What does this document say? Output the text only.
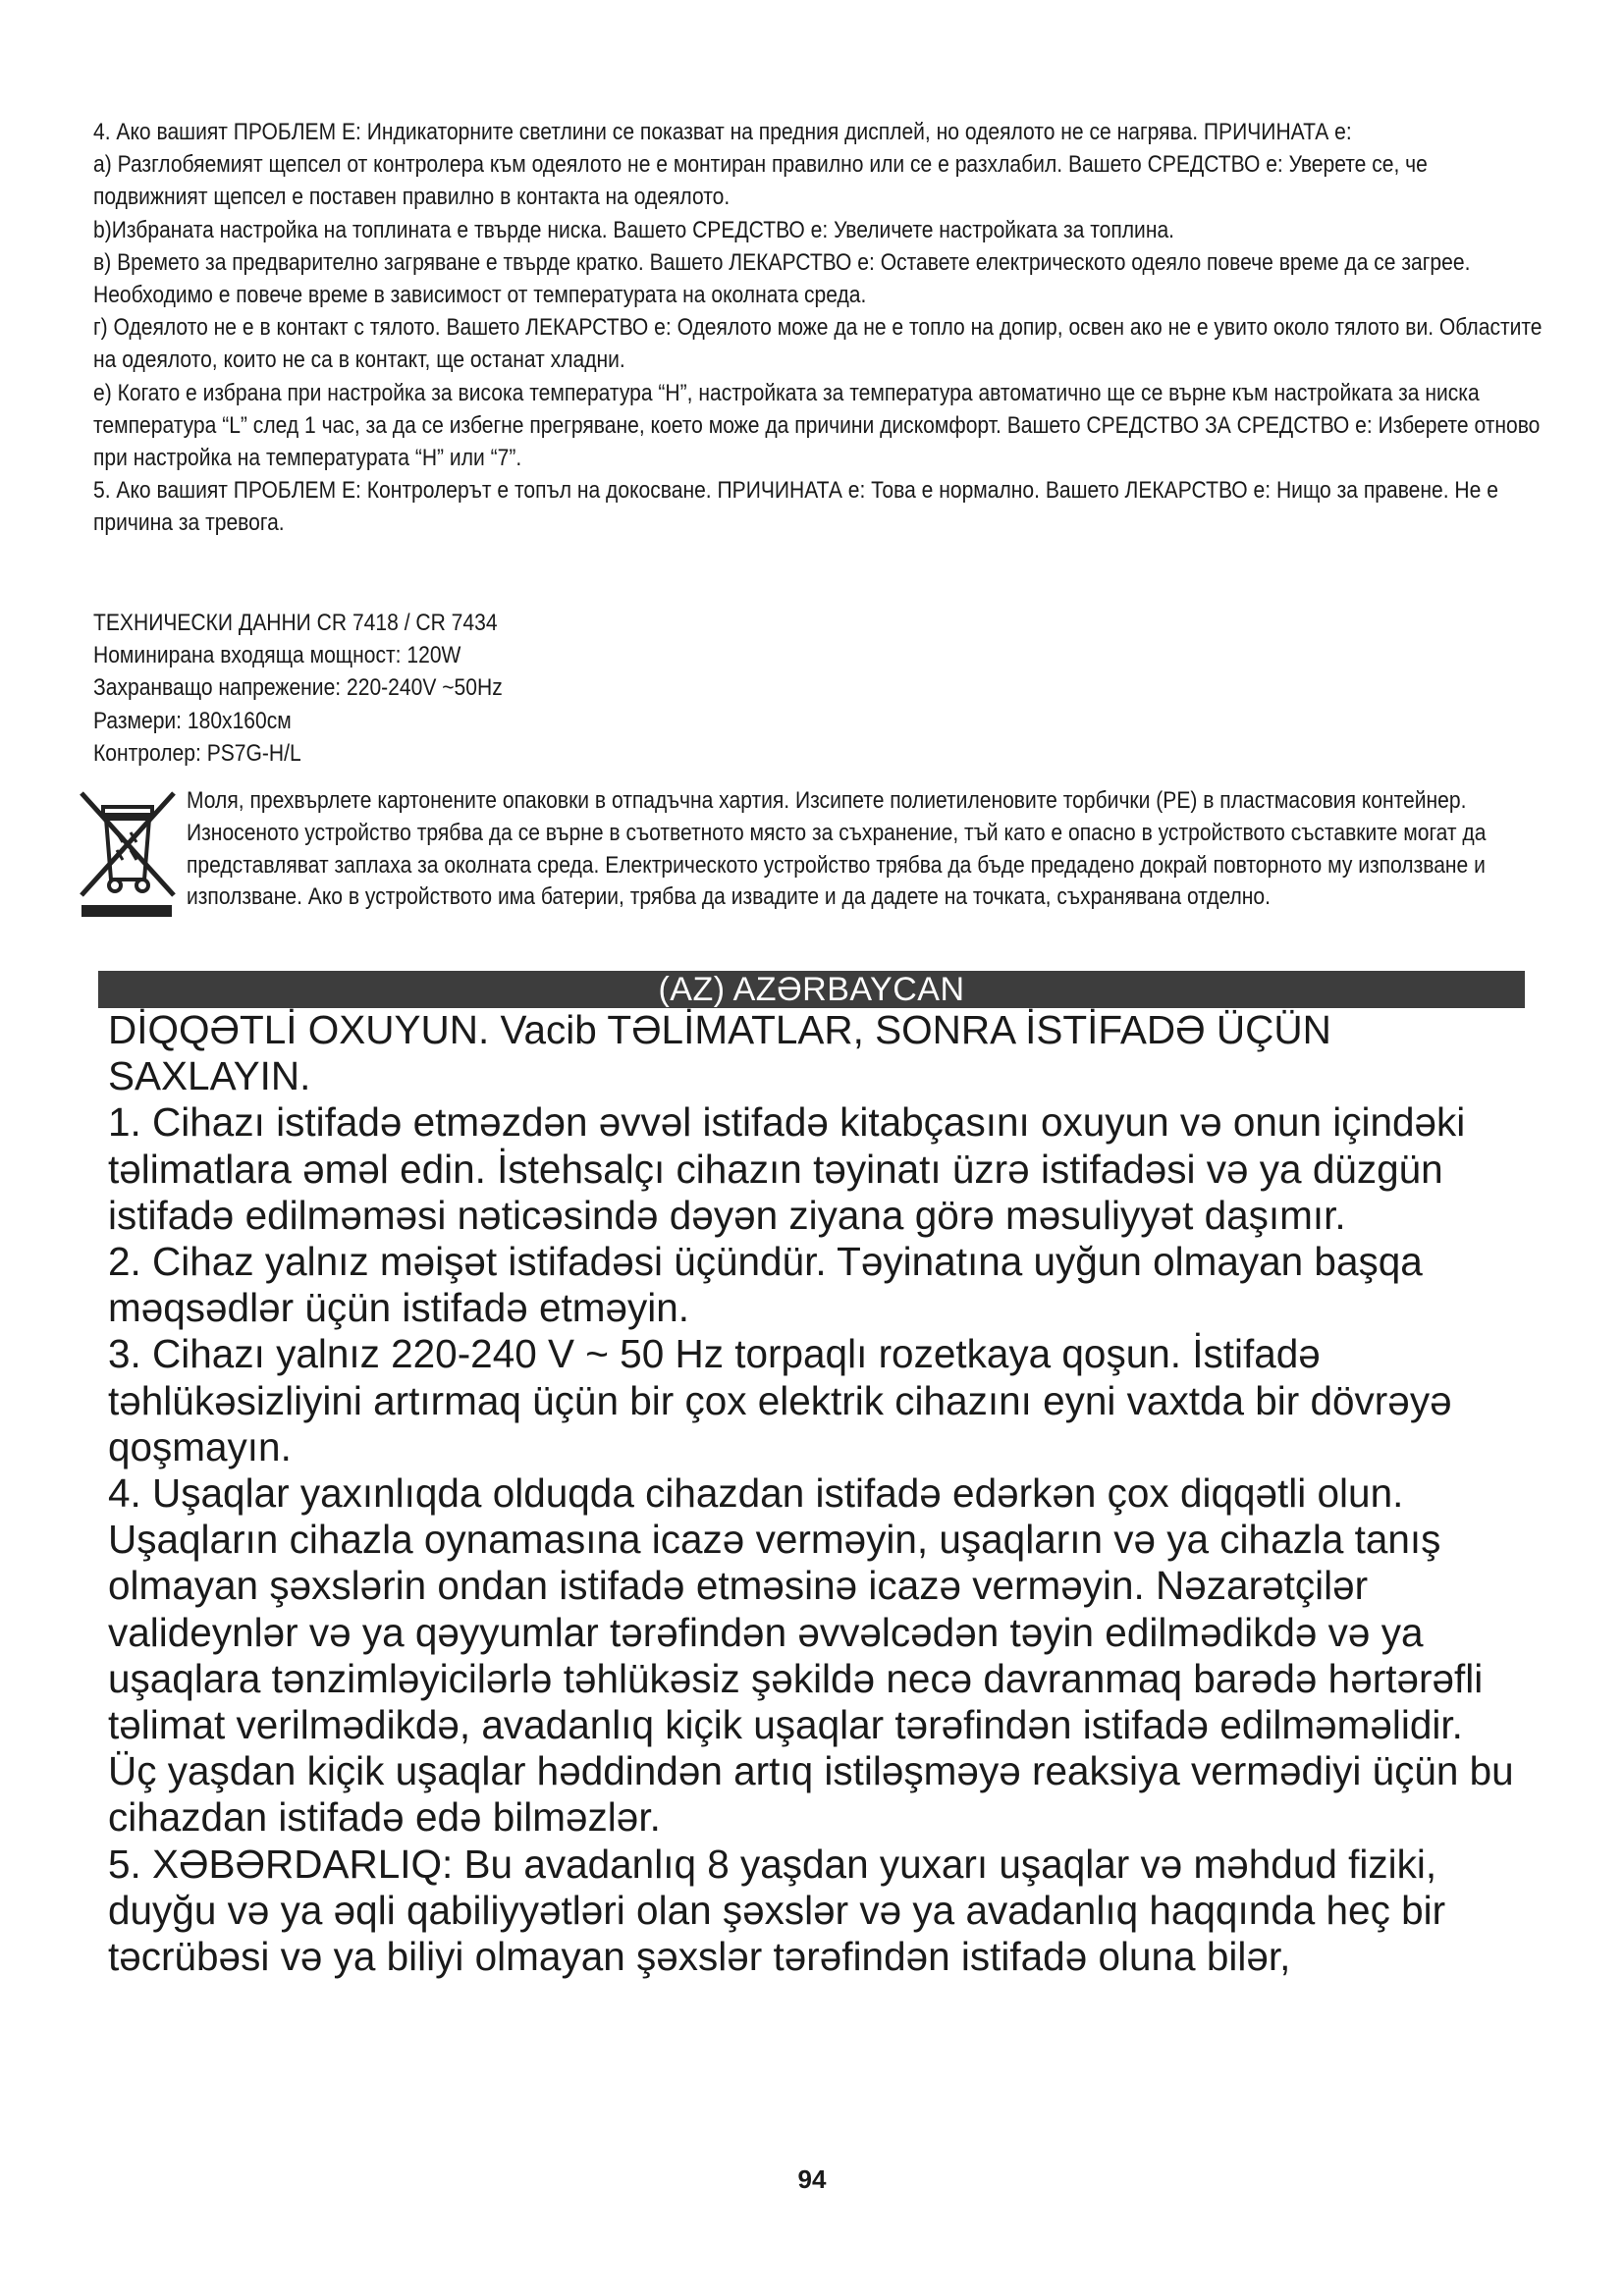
4. Ако вашият ПРОБЛЕМ Е: Индикаторните светлини се показват на предния дисплей, но одеялото не се нагрява. ПРИЧИНАТА е:

а) Разглобяемият щепсел от контролера към одеялото не е монтиран правилно или се е разхлабил. Вашето СРЕДСТВО е: Уверете се, че подвижният щепсел е поставен правилно в контакта на одеялото.

b)Избраната настройка на топлината е твърде ниска. Вашето СРЕДСТВО е: Увеличете настройката за топлина.

в) Времето за предварително загряване е твърде кратко. Вашето ЛЕКАРСТВО е: Оставете електрическото одеяло повече време да се загрее. Необходимо е повече време в зависимост от температурата на околната среда.

г) Одеялото не е в контакт с тялото. Вашето ЛЕКАРСТВО е: Одеялото може да не е топло на допир, освен ако не е увито около тялото ви. Областите на одеялото, които не са в контакт, ще останат хладни.

е) Когато е избрана при настройка за висока температура “H”, настройката за температура автоматично ще се върне към настройката за ниска температура “L” след 1 час, за да се избегне прегряване, което може да причини дискомфорт. Вашето СРЕДСТВО ЗА СРЕДСТВО е: Изберете отново при настройка на температурата “H” или “7”.

5. Ако вашият ПРОБЛЕМ Е: Контролерът е топъл на докосване. ПРИЧИНАТА е: Това е нормално. Вашето ЛЕКАРСТВО е: Нищо за правене. Не е причина за тревога.

ТЕХНИЧЕСКИ ДАННИ CR 7418 / CR 7434

Номинирана входяща мощност: 120W

Захранващо напрежение: 220-240V ~50Hz

Размери: 180x160см

Контролер: PS7G-H/L

Моля, прехвърлете картонените опаковки в отпадъчна хартия. Изсипете полиетиленовите торбички (PE) в пластмасовия контейнер. Износеното устройство трябва да се върне в съответното място за съхранение, тъй като е опасно в устройството съставките могат да представляват заплаха за околната среда. Електрическото устройство трябва да бъде предадено докрай повторното му използване и използване. Ако в устройството има батерии, трябва да извадите и да дадете на точката, съхранявана отделно.

(AZ) AZƏRBAYCAN

DİQQƏTLİ OXUYUN. Vacib TƏLİMATLAR, SONRA İSTİFADƏ ÜÇÜN SAXLAYIN.

1. Cihazı istifadə etməzdən əvvəl istifadə kitabçasını oxuyun və onun içindəki təlimatlara əməl edin. İstehsalçı cihazın təyinatı üzrə istifadəsi və ya düzgün istifadə edilməməsi nəticəsində dəyən ziyana görə məsuliyyət daşımır.

2. Cihaz yalnız məişət istifadəsi üçündür. Təyinatına uyğun olmayan başqa məqsədlər üçün istifadə etməyin.

3. Cihazı yalnız 220-240 V ~ 50 Hz torpaqlı rozetkaya qoşun. İstifadə təhlükəsizliyini artırmaq üçün bir çox elektrik cihazını eyni vaxtda bir dövrəyə qoşmayın.

4. Uşaqlar yaxınlıqda olduqda cihazdan istifadə edərkən çox diqqətli olun. Uşaqların cihazla oynamasına icazə verməyin, uşaqların və ya cihazla tanış olmayan şəxslərin ondan istifadə etməsinə icazə verməyin. Nəzarətçilər valideynlər və ya qəyyumlar tərəfindən əvvəlcədən təyin edilmədikdə və ya uşaqlara tənzimləyicilərlə təhlükəsiz şəkildə necə davranmaq barədə hərtərəfli təlimat verilmədikdə, avadanlıq kiçik uşaqlar tərəfindən istifadə edilməməlidir.

Üç yaşdan kiçik uşaqlar həddindən artıq istiləşməyə reaksiya vermədiyi üçün bu cihazdan istifadə edə bilməzlər.

5. XƏBƏRDARLIQ: Bu avadanlıq 8 yaşdan yuxarı uşaqlar və məhdud fiziki, duyğu və ya əqli qabiliyyətləri olan şəxslər və ya avadanlıq haqqında heç bir təcrübəsi və ya biliyi olmayan şəxslər tərəfindən istifadə oluna bilər,

94
